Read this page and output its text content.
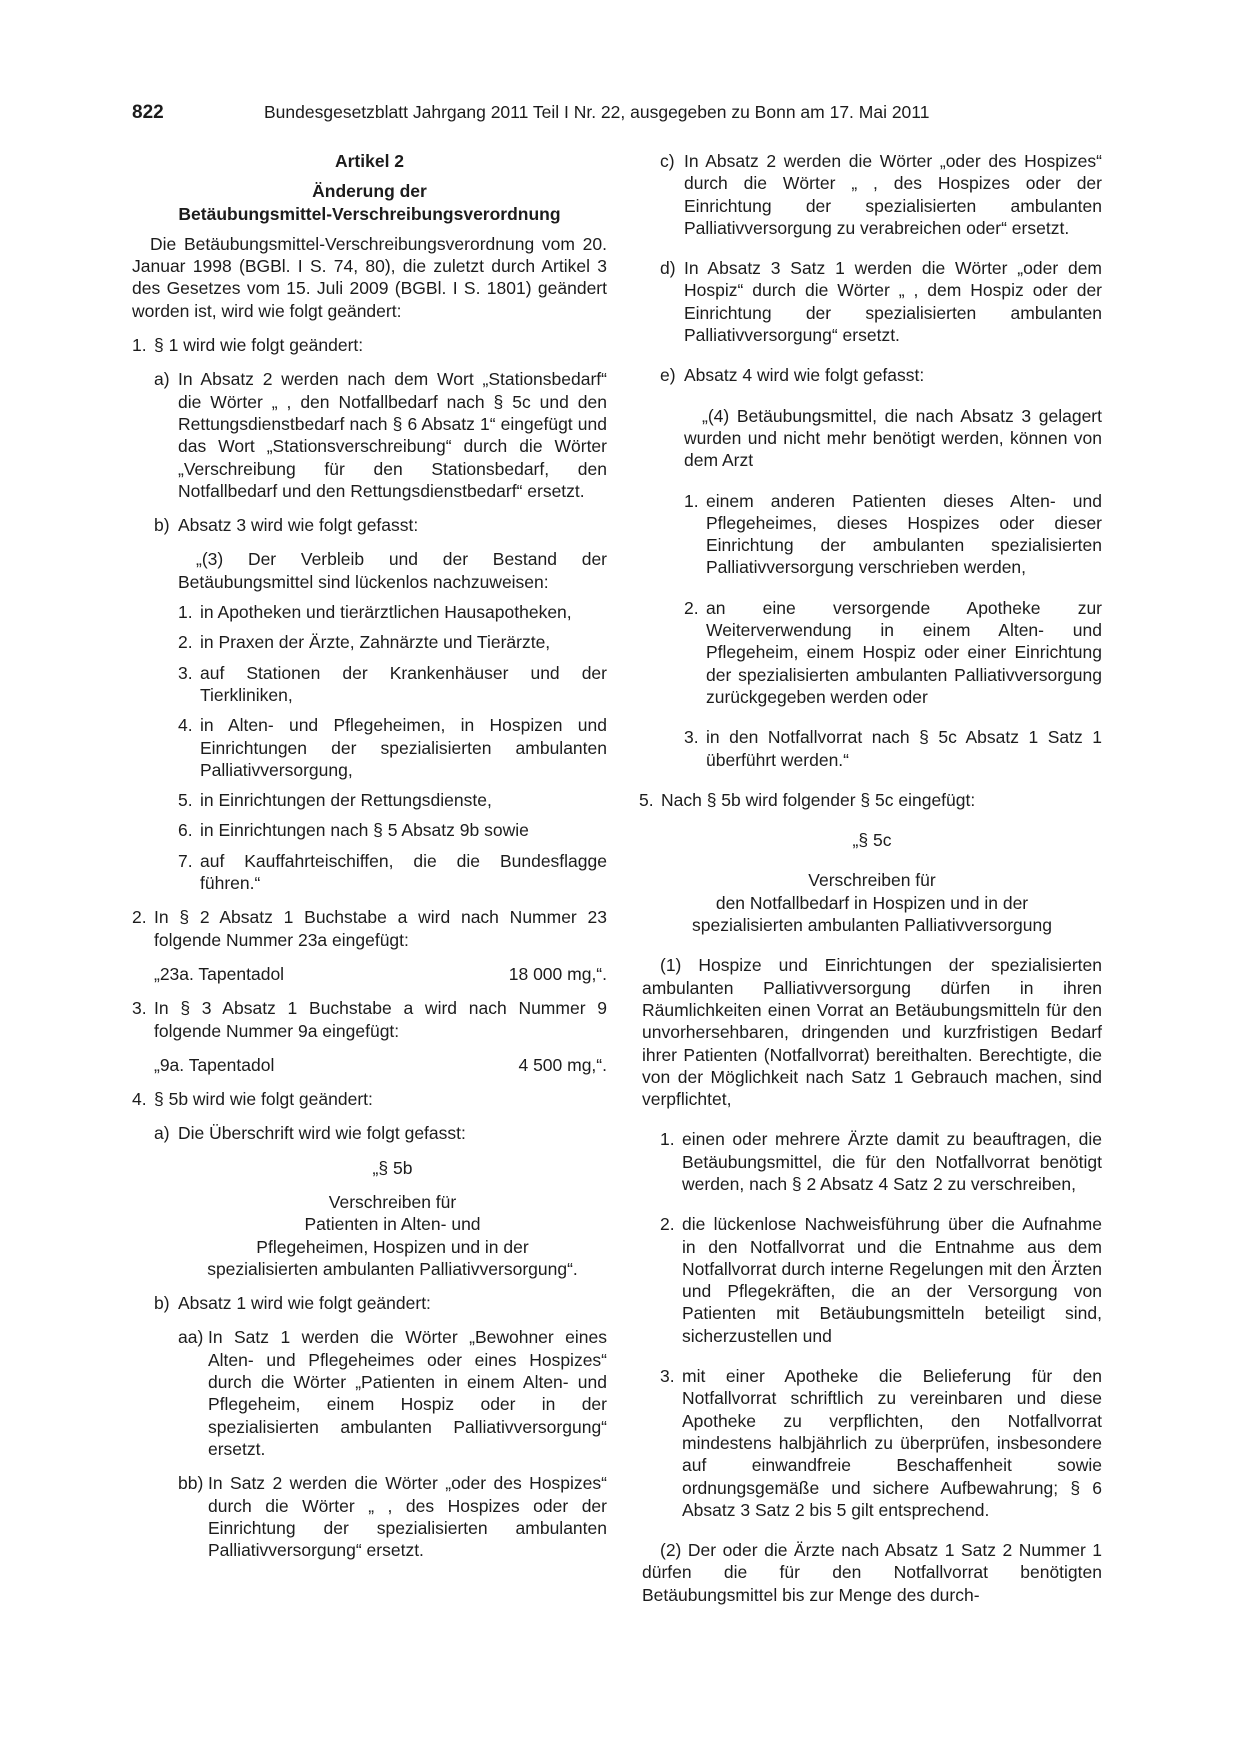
822	Bundesgesetzblatt Jahrgang 2011 Teil I Nr. 22, ausgegeben zu Bonn am 17. Mai 2011

Artikel 2

Änderung der

Betäubungsmittel-Verschreibungsverordnung

Die Betäubungsmittel-Verschreibungsverordnung vom 20. Januar 1998 (BGBl. I S. 74, 80), die zuletzt durch Artikel 3 des Gesetzes vom 15. Juli 2009 (BGBl. I S. 1801) geändert worden ist, wird wie folgt geändert:

1. § 1 wird wie folgt geändert:
a) In Absatz 2 werden nach dem Wort „Stationsbedarf“ die Wörter „ , den Notfallbedarf nach § 5c und den Rettungsdienstbedarf nach § 6 Absatz 1“ eingefügt und das Wort „Stationsverschreibung“ durch die Wörter „Verschreibung für den Stationsbedarf, den Notfallbedarf und den Rettungsdienstbedarf“ ersetzt.
b) Absatz 3 wird wie folgt gefasst:

„(3) Der Verbleib und der Bestand der Betäubungsmittel sind lückenlos nachzuweisen:

1. in Apotheken und tierärztlichen Hausapotheken,
2. in Praxen der Ärzte, Zahnärzte und Tierärzte,
3. auf Stationen der Krankenhäuser und der Tierkliniken,
4. in Alten- und Pflegeheimen, in Hospizen und Einrichtungen der spezialisierten ambulanten Palliativversorgung,
5. in Einrichtungen der Rettungsdienste,
6. in Einrichtungen nach § 5 Absatz 9b sowie
7. auf Kauffahrteischiffen, die die Bundesflagge führen.“
2. In § 2 Absatz 1 Buchstabe a wird nach Nummer 23 folgende Nummer 23a eingefügt:
„23a. Tapentadol	18 000 mg,“.
3. In § 3 Absatz 1 Buchstabe a wird nach Nummer 9 folgende Nummer 9a eingefügt:
„9a. Tapentadol	4 500 mg,“.
4. § 5b wird wie folgt geändert:
a) Die Überschrift wird wie folgt gefasst:

„§ 5b

Verschreiben für

Patienten in Alten- und

Pflegeheimen, Hospizen und in der

spezialisierten ambulanten Palliativversorgung“.

b) Absatz 1 wird wie folgt geändert:
aa) In Satz 1 werden die Wörter „Bewohner eines Alten- und Pflegeheimes oder eines Hospizes“ durch die Wörter „Patienten in einem Alten- und Pflegeheim, einem Hospiz oder in der spezialisierten ambulanten Palliativversorgung“ ersetzt.
bb) In Satz 2 werden die Wörter „oder des Hospizes“ durch die Wörter „ , des Hospizes oder der Einrichtung der spezialisierten ambulanten Palliativversorgung“ ersetzt.
c) In Absatz 2 werden die Wörter „oder des Hospizes“ durch die Wörter „ , des Hospizes oder der Einrichtung der spezialisierten ambulanten Palliativversorgung zu verabreichen oder“ ersetzt.
d) In Absatz 3 Satz 1 werden die Wörter „oder dem Hospiz“ durch die Wörter „ , dem Hospiz oder der Einrichtung der spezialisierten ambulanten Palliativversorgung“ ersetzt.
e) Absatz 4 wird wie folgt gefasst:

„(4) Betäubungsmittel, die nach Absatz 3 gelagert wurden und nicht mehr benötigt werden, können von dem Arzt

1. einem anderen Patienten dieses Alten- und Pflegeheimes, dieses Hospizes oder dieser Einrichtung der ambulanten spezialisierten Palliativversorgung verschrieben werden,
2. an eine versorgende Apotheke zur Weiterverwendung in einem Alten- und Pflegeheim, einem Hospiz oder einer Einrichtung der spezialisierten ambulanten Palliativversorgung zurückgegeben werden oder
3. in den Notfallvorrat nach § 5c Absatz 1 Satz 1 überführt werden.“
5. Nach § 5b wird folgender § 5c eingefügt:

„§ 5c

Verschreiben für

den Notfallbedarf in Hospizen und in der

spezialisierten ambulanten Palliativversorgung

(1) Hospize und Einrichtungen der spezialisierten ambulanten Palliativversorgung dürfen in ihren Räumlichkeiten einen Vorrat an Betäubungsmitteln für den unvorhersehbaren, dringenden und kurzfristigen Bedarf ihrer Patienten (Notfallvorrat) bereithalten. Berechtigte, die von der Möglichkeit nach Satz 1 Gebrauch machen, sind verpflichtet,

1. einen oder mehrere Ärzte damit zu beauftragen, die Betäubungsmittel, die für den Notfallvorrat benötigt werden, nach § 2 Absatz 4 Satz 2 zu verschreiben,
2. die lückenlose Nachweisführung über die Aufnahme in den Notfallvorrat und die Entnahme aus dem Notfallvorrat durch interne Regelungen mit den Ärzten und Pflegekräften, die an der Versorgung von Patienten mit Betäubungsmitteln beteiligt sind, sicherzustellen und
3. mit einer Apotheke die Belieferung für den Notfallvorrat schriftlich zu vereinbaren und diese Apotheke zu verpflichten, den Notfallvorrat mindestens halbjährlich zu überprüfen, insbesondere auf einwandfreie Beschaffenheit sowie ordnungsgemäße und sichere Aufbewahrung; § 6 Absatz 3 Satz 2 bis 5 gilt entsprechend.

(2) Der oder die Ärzte nach Absatz 1 Satz 2 Nummer 1 dürfen die für den Notfallvorrat benötigten Betäubungsmittel bis zur Menge des durch-
